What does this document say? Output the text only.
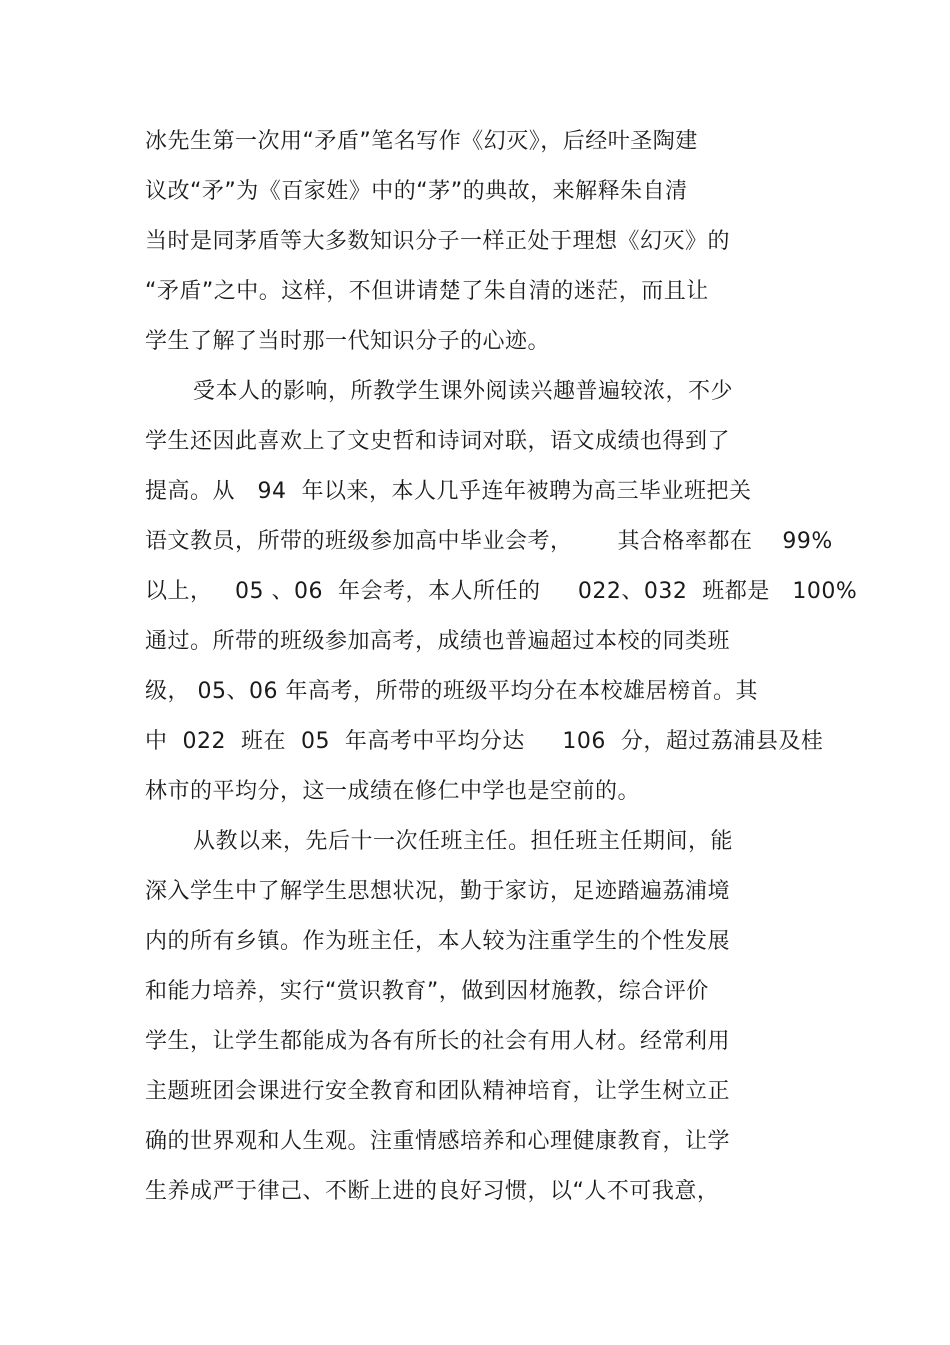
冰先生第一次用“矛盾”笔名写作《幻灭》，后经叶圣陶建
议改“矛”为《百家姓》中的“茅”的典故，来解释朱自清
当时是同茅盾等大多数知识分子一样正处于理想《幻灭》的
“矛盾”之中。这样，不但讲请楚了朱自清的迷茫，而且让
学生了解了当时那一代知识分子的心迹。
受本人的影响，所教学生课外阅读兴趣普遍较浓，不少
学生还因此喜欢上了文史哲和诗词对联，语文成绩也得到了
提高。从   94  年以来，本人几乎连年被聘为高三毕业班把关
语文教员，所带的班级参加高中毕业会考，      其合格率都在    99%
以上，   05 、06  年会考，本人所任的     022、032  班都是   100%
通过。所带的班级参加高考，成绩也普遍超过本校的同类班
级， 05、06 年高考，所带的班级平均分在本校雄居榜首。其
中  022  班在  05  年高考中平均分达     106  分，超过荔浦县及桂
林市的平均分，这一成绩在修仁中学也是空前的。
从教以来，先后十一次任班主任。担任班主任期间，能
深入学生中了解学生思想状况，勤于家访，足迹踏遍荔浦境
内的所有乡镇。作为班主任，本人较为注重学生的个性发展
和能力培养，实行“赏识教育”，做到因材施教，综合评价
学生，让学生都能成为各有所长的社会有用人材。经常利用
主题班团会课进行安全教育和团队精神培育，让学生树立正
确的世界观和人生观。注重情感培养和心理健康教育，让学
生养成严于律己、不断上进的良好习惯，以“人不可我意，
